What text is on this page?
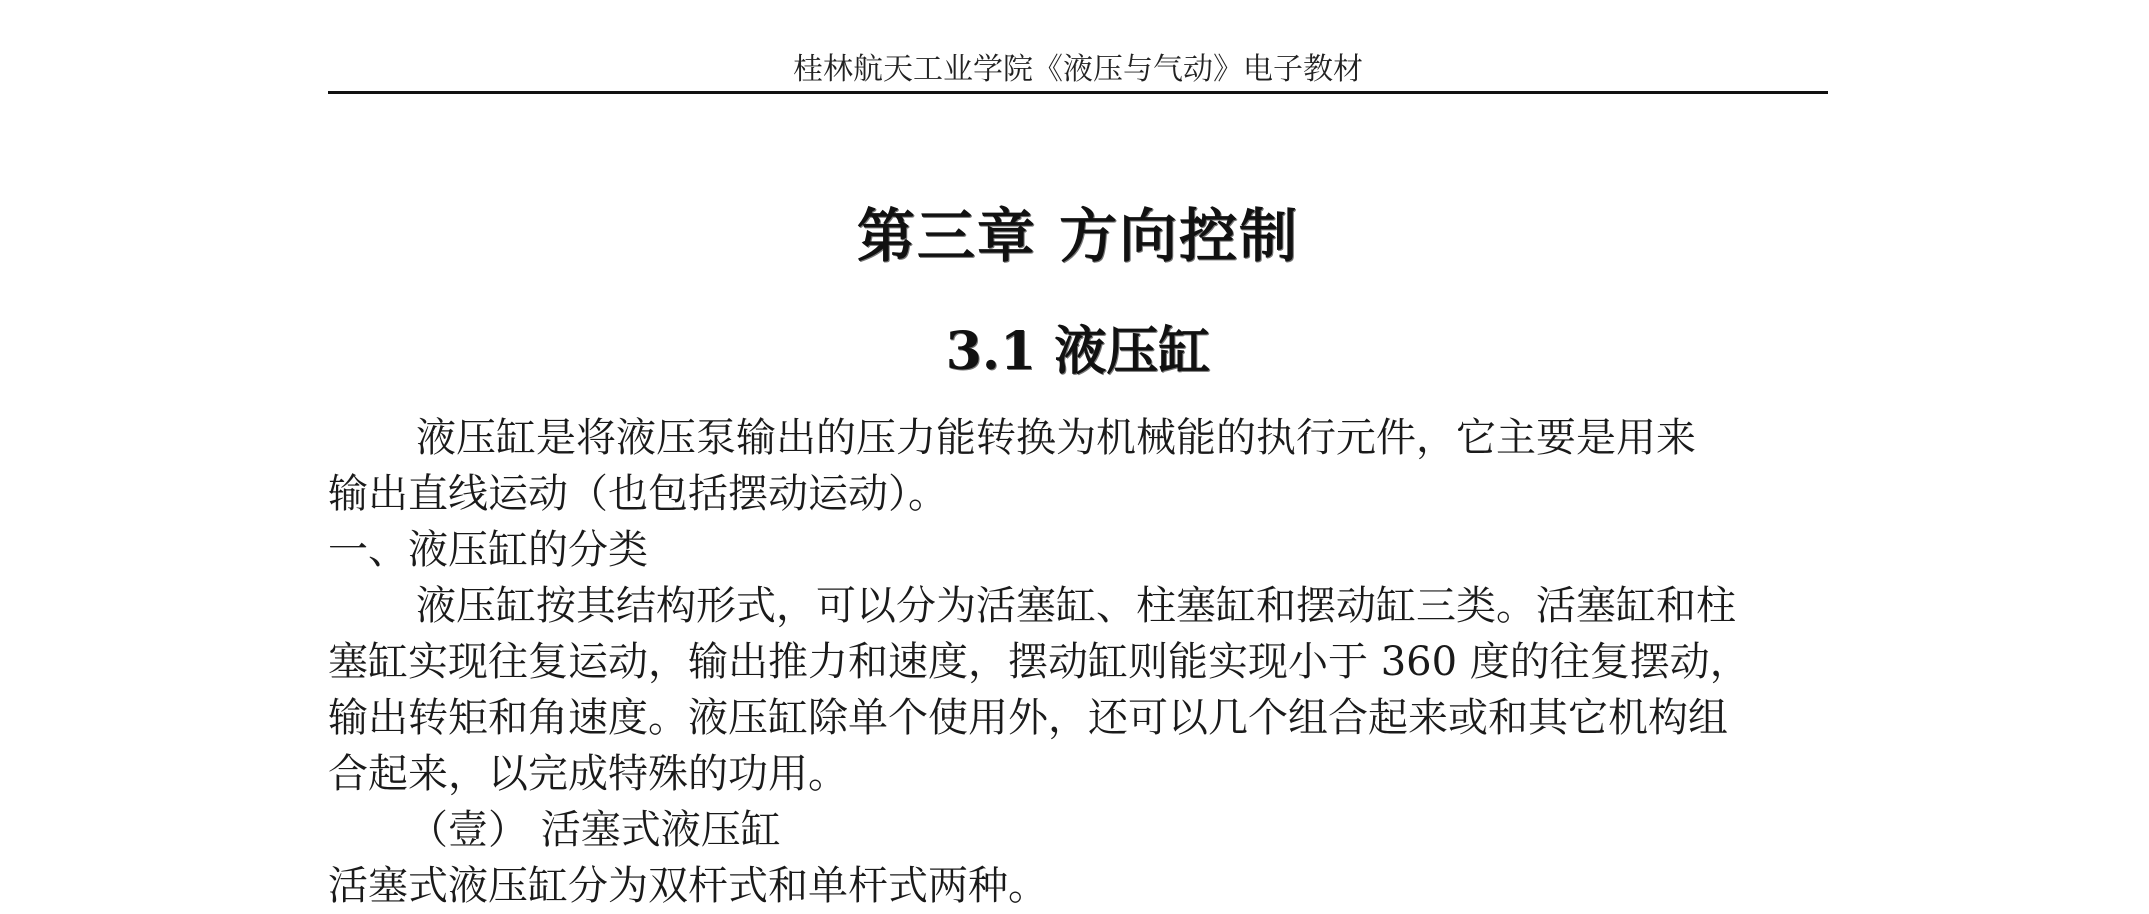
桂林航天工业学院《液压与气动》电子教材
第三章 方向控制
3.1 液压缸
液压缸是将液压泵输出的压力能转换为机械能的执行元件，它主要是用来
输出直线运动（也包括摆动运动）。
一、液压缸的分类
液压缸按其结构形式，可以分为活塞缸、柱塞缸和摆动缸三类。活塞缸和柱
塞缸实现往复运动，输出推力和速度，摆动缸则能实现小于 360 度的往复摆动，
输出转矩和角速度。液压缸除单个使用外，还可以几个组合起来或和其它机构组
合起来，以完成特殊的功用。
（壹） 活塞式液压缸
活塞式液压缸分为双杆式和单杆式两种。
